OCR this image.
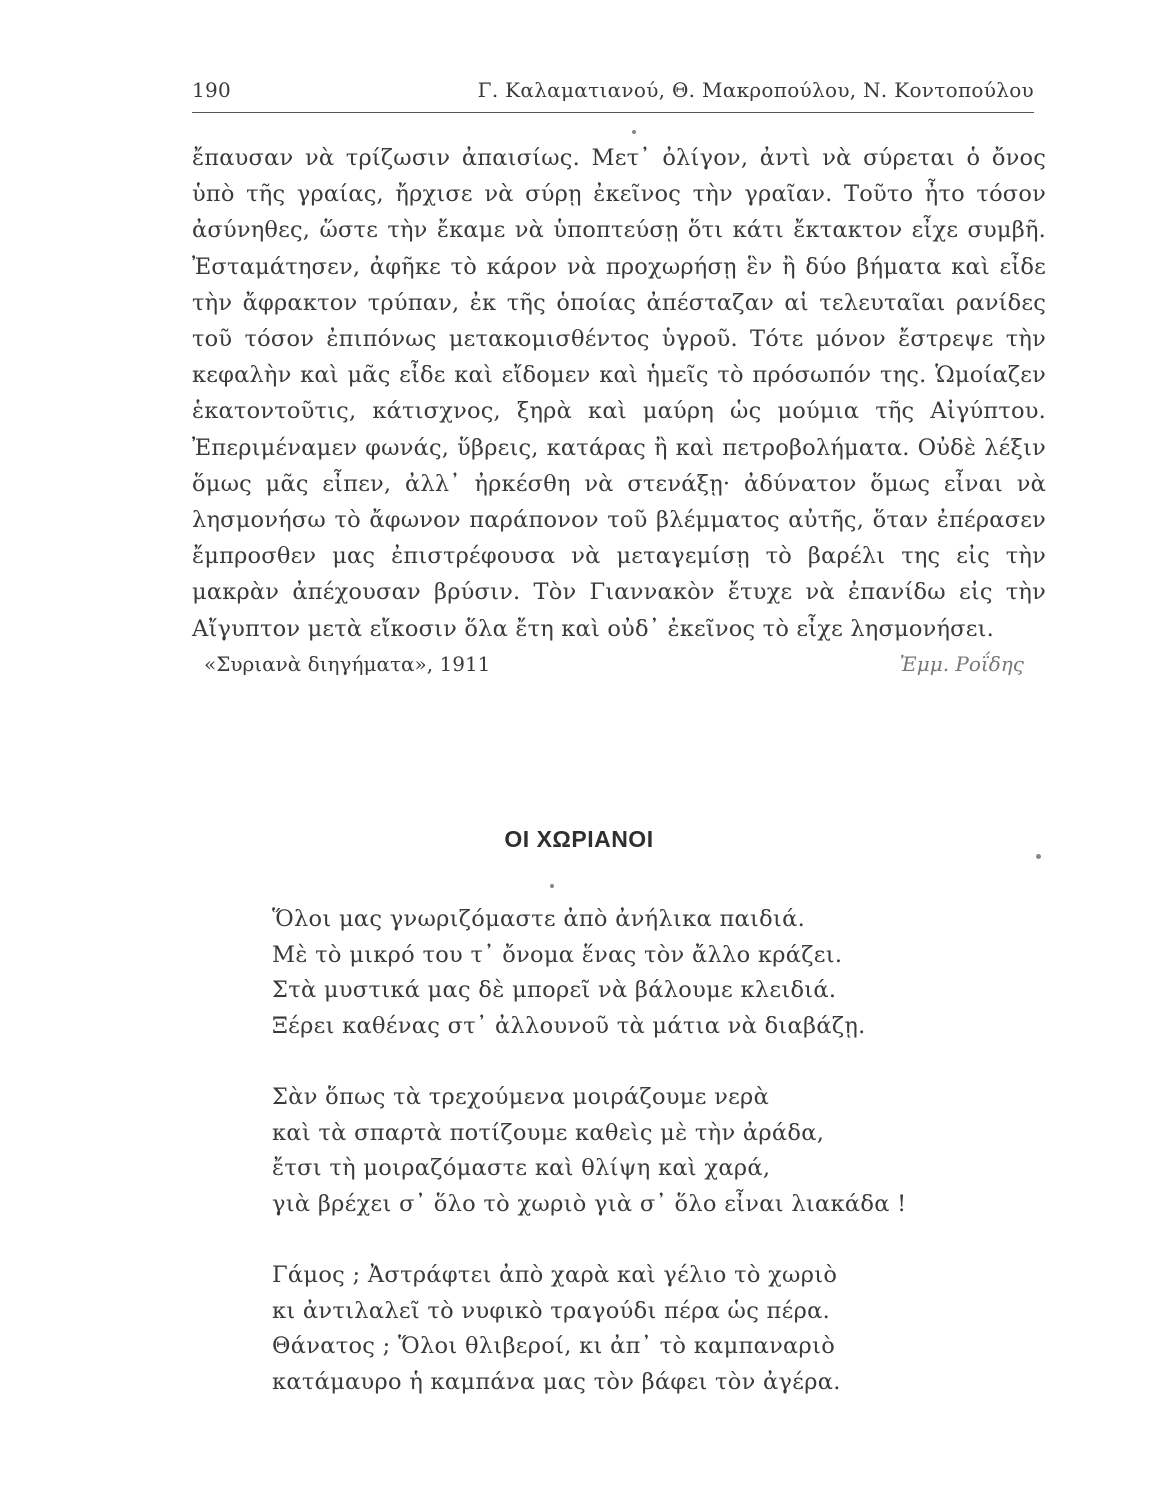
190	Γ. Καλαματιανού, Θ. Μακροπούλου, Ν. Κοντοπούλου

ἔπαυσαν νὰ τρίζωσιν ἀπαισίως. Μετ᾽ ὀλίγον, ἀντὶ νὰ σύρεται ὁ ὄνος ὑπὸ τῆς γραίας, ἤρχισε νὰ σύρῃ ἐκεῖνος τὴν γραῖαν. Τοῦτο ἦτο τόσον ἀσύνηθες, ὥστε τὴν ἔκαμε νὰ ὑποπτεύσῃ ὅτι κάτι ἔκτακτον εἶχε συμβῆ. Ἐσταμάτησεν, ἀφῆκε τὸ κάρον νὰ προχωρήσῃ ἓν ἢ δύο βήματα καὶ εἶδε τὴν ἄφρακτον τρύπαν, ἐκ τῆς ὁποίας ἀπέσταζαν αἱ τελευταῖαι ρανίδες τοῦ τόσον ἐπιπόνως μετακομισθέντος ὑγροῦ. Τότε μόνον ἔστρεψε τὴν κεφαλὴν καὶ μᾶς εἶδε καὶ εἴδομεν καὶ ἡμεῖς τὸ πρόσωπόν της. Ὡμοίαζεν ἑκατοντοῦτις, κάτισχνος, ξηρὰ καὶ μαύρη ὡς μούμια τῆς Αἰγύπτου. Ἐπεριμέναμεν φωνάς, ὕβρεις, κατάρας ἢ καὶ πετροβολήματα. Οὐδὲ λέξιν ὅμως μᾶς εἶπεν, ἀλλ᾽ ἠρκέσθη νὰ στενάξῃ· ἀδύνατον ὅμως εἶναι νὰ λησμονήσω τὸ ἄφωνον παράπονον τοῦ βλέμματος αὐτῆς, ὅταν ἐπέρασεν ἔμπροσθεν μας ἐπιστρέφουσα νὰ μεταγεμίσῃ τὸ βαρέλι της εἰς τὴν μακρὰν ἀπέχουσαν βρύσιν. Τὸν Γιαννακὸν ἔτυχε νὰ ἐπανίδω εἰς τὴν Αἴγυπτον μετὰ εἴκοσιν ὅλα ἔτη καὶ οὐδ᾽ ἐκεῖνος τὸ εἶχε λησμονήσει.

«Συριανὰ διηγήματα», 1911	Ἐμμ. Ροΐδης
ΟΙ ΧΩΡΙΑΝΟΙ
Ὅλοι μας γνωριζόμαστε ἀπὸ ἀνήλικα παιδιά.
Μὲ τὸ μικρό του τ᾽ ὄνομα ἕνας τὸν ἄλλο κράζει.
Στὰ μυστικά μας δὲ μπορεῖ νὰ βάλουμε κλειδιά.
Ξέρει καθένας στ᾽ ἀλλουνοῦ τὰ μάτια νὰ διαβάζῃ.
Σὰν ὅπως τὰ τρεχούμενα μοιράζουμε νερὰ
καὶ τὰ σπαρτὰ ποτίζουμε καθεὶς μὲ τὴν ἀράδα,
ἔτσι τὴ μοιραζόμαστε καὶ θλίψη καὶ χαρά,
γιὰ βρέχει σ᾽ ὅλο τὸ χωριὸ γιὰ σ᾽ ὅλο εἶναι λιακάδα !
Γάμος ; Ἀστράφτει ἀπὸ χαρὰ καὶ γέλιο τὸ χωριὸ
κι ἀντιλαλεῖ τὸ νυφικὸ τραγούδι πέρα ὡς πέρα.
Θάνατος ; Ὅλοι θλιβεροί, κι ἀπ᾽ τὸ καμπαναριὸ
κατάμαυρο ἡ καμπάνα μας τὸν βάφει τὸν ἀγέρα.
